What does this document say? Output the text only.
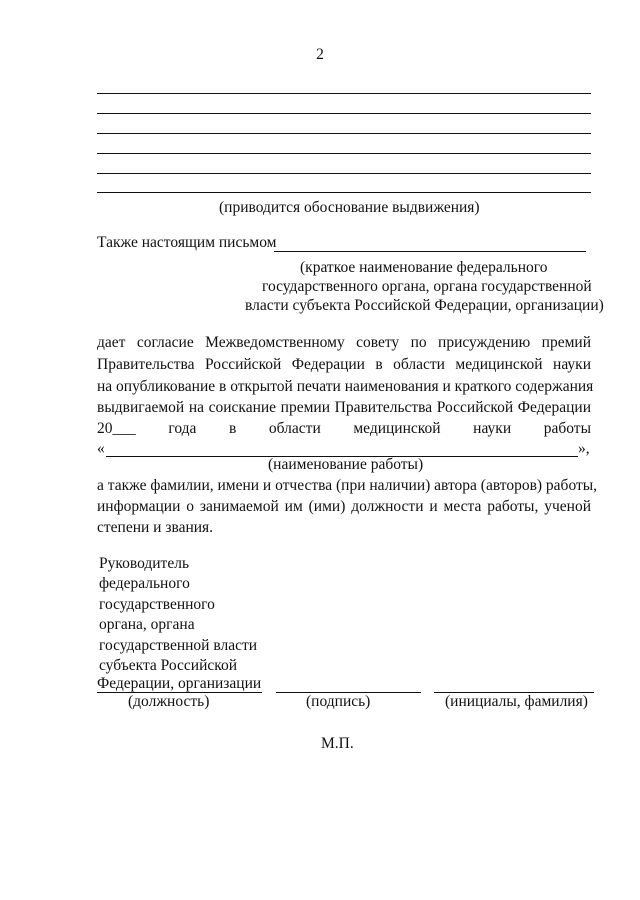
2
(приводится обоснование выдвижения)
Также настоящим письмом
(краткое наименование федерального
государственного органа, органа государственной
власти субъекта Российской Федерации, организации)
дает согласие Межведомственному совету по присуждению премий
Правительства Российской Федерации в области медицинской науки
на опубликование в открытой печати наименования и краткого содержания
выдвигаемой на соискание премии Правительства Российской Федерации
20___ года в области медицинской науки работы
«	»,
(наименование работы)
а также фамилии, имени и отчества (при наличии) автора (авторов) работы,
информации о занимаемой им (ими) должности и места работы, ученой
степени и звания.
Руководитель
федерального
государственного
органа, органа
государственной власти
субъекта Российской
Федерации, организации
(должность)	(подпись)	(инициалы, фамилия)
М.П.
